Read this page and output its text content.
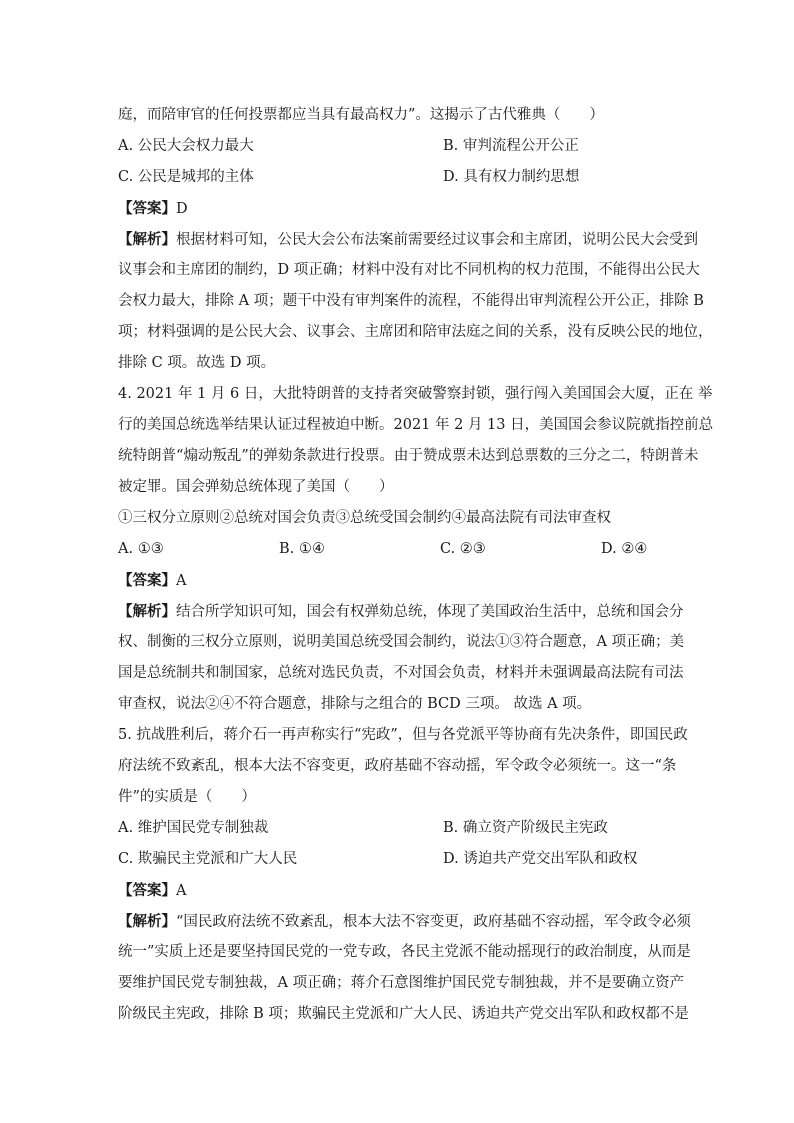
庭，而陪审官的任何投票都应当具有最高权力”。这揭示了古代雅典（　　）
A. 公民大会权力最大	B. 审判流程公开公正
C. 公民是城邦的主体	D. 具有权力制约思想
【答案】D
【解析】根据材料可知，公民大会公布法案前需要经过议事会和主席团，说明公民大会受到
议事会和主席团的制约，D 项正确；材料中没有对比不同机构的权力范围，不能得出公民大
会权力最大，排除 A 项；题干中没有审判案件的流程，不能得出审判流程公开公正，排除 B
项；材料强调的是公民大会、议事会、主席团和陪审法庭之间的关系，没有反映公民的地位，
排除 C 项。故选 D 项。
4. 2021 年 1 月 6 日，大批特朗普的支持者突破警察封锁，强行闯入美国国会大厦，正在 举
行的美国总统选举结果认证过程被迫中断。2021 年 2 月 13 日，美国国会参议院就指控前总
统特朗普“煽动叛乱”的弹劾条款进行投票。由于赞成票未达到总票数的三分之二，特朗普未
被定罪。国会弹劾总统体现了美国（　　）
①三权分立原则②总统对国会负责③总统受国会制约④最高法院有司法审查权
A. ①③	B. ①④	C. ②③	D. ②④
【答案】A
【解析】结合所学知识可知，国会有权弹劾总统，体现了美国政治生活中，总统和国会分
权、制衡的三权分立原则，说明美国总统受国会制约，说法①③符合题意，A 项正确；美
国是总统制共和制国家，总统对选民负责，不对国会负责，材料并未强调最高法院有司法
审查权，说法②④不符合题意，排除与之组合的 BCD 三项。 故选 A 项。
5. 抗战胜利后，蒋介石一再声称实行“宪政”，但与各党派平等协商有先决条件，即国民政
府法统不致紊乱，根本大法不容变更，政府基础不容动摇，军令政令必须统一。这一“条
件”的实质是（　　）
A. 维护国民党专制独裁	B. 确立资产阶级民主宪政
C. 欺骗民主党派和广大人民	D. 诱迫共产党交出军队和政权
【答案】A
【解析】“国民政府法统不致紊乱，根本大法不容变更，政府基础不容动摇，军令政令必须
统一”实质上还是要坚持国民党的一党专政，各民主党派不能动摇现行的政治制度，从而是
要维护国民党专制独裁，A 项正确；蒋介石意图维护国民党专制独裁，并不是要确立资产
阶级民主宪政，排除 B 项；欺骗民主党派和广大人民、诱迫共产党交出军队和政权都不是
